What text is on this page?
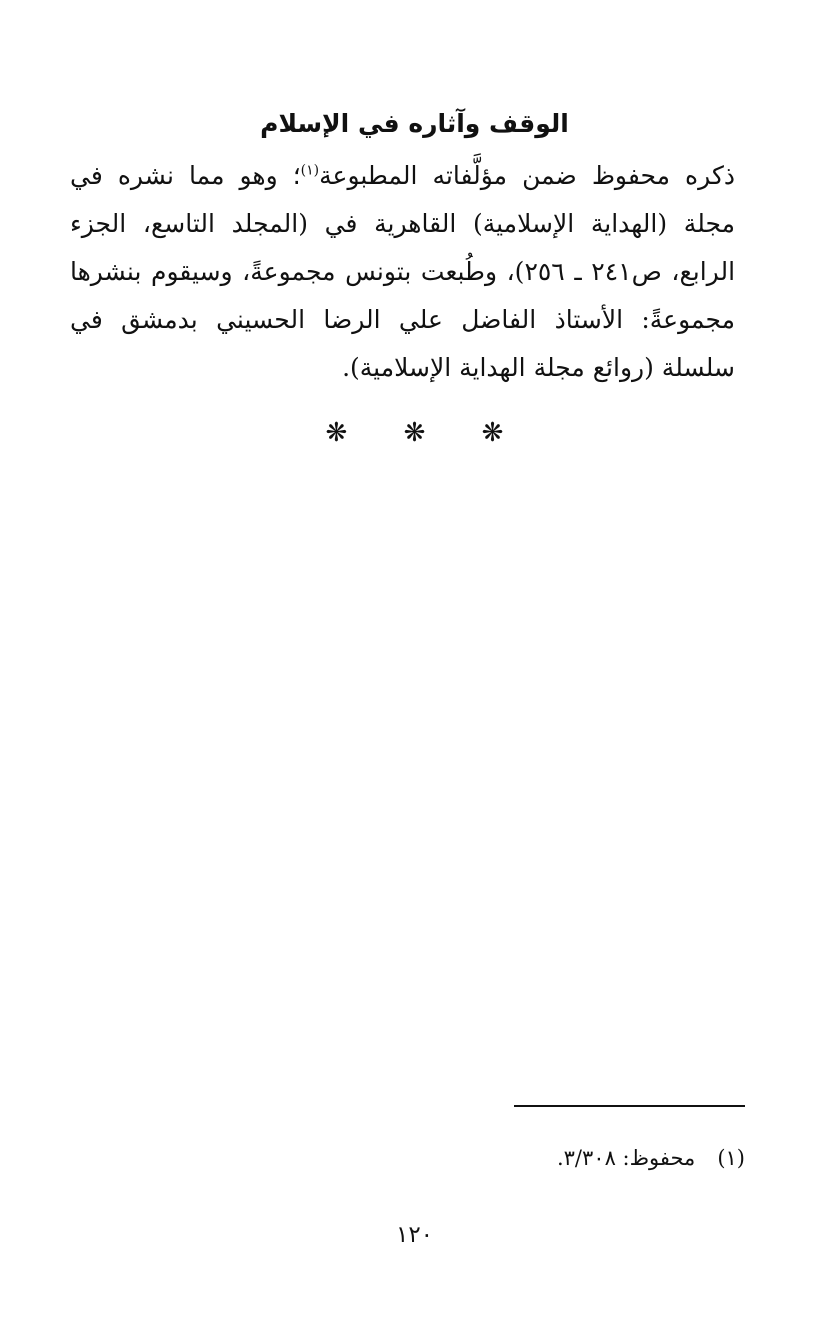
الوقف وآثاره في الإسلام
ذكره محفوظ ضمن مؤلَّفاته المطبوعة$^{(١)}$؛ وهو مما نشره في مجلة (الهداية الإسلامية) القاهرية في (المجلد التاسع، الجزء الرابع، ص٢٤١ ـ ٢٥٦)، وطُبعت بتونس مجموعةً، وسيقوم بنشرها مجموعةً: الأستاذ الفاضل علي الرضا الحسيني بدمشق في سلسلة (روائع مجلة الهداية الإسلامية).
❋ ❋ ❋
(١)محفوظ: ٣/٣٠٨.
١٢٠
